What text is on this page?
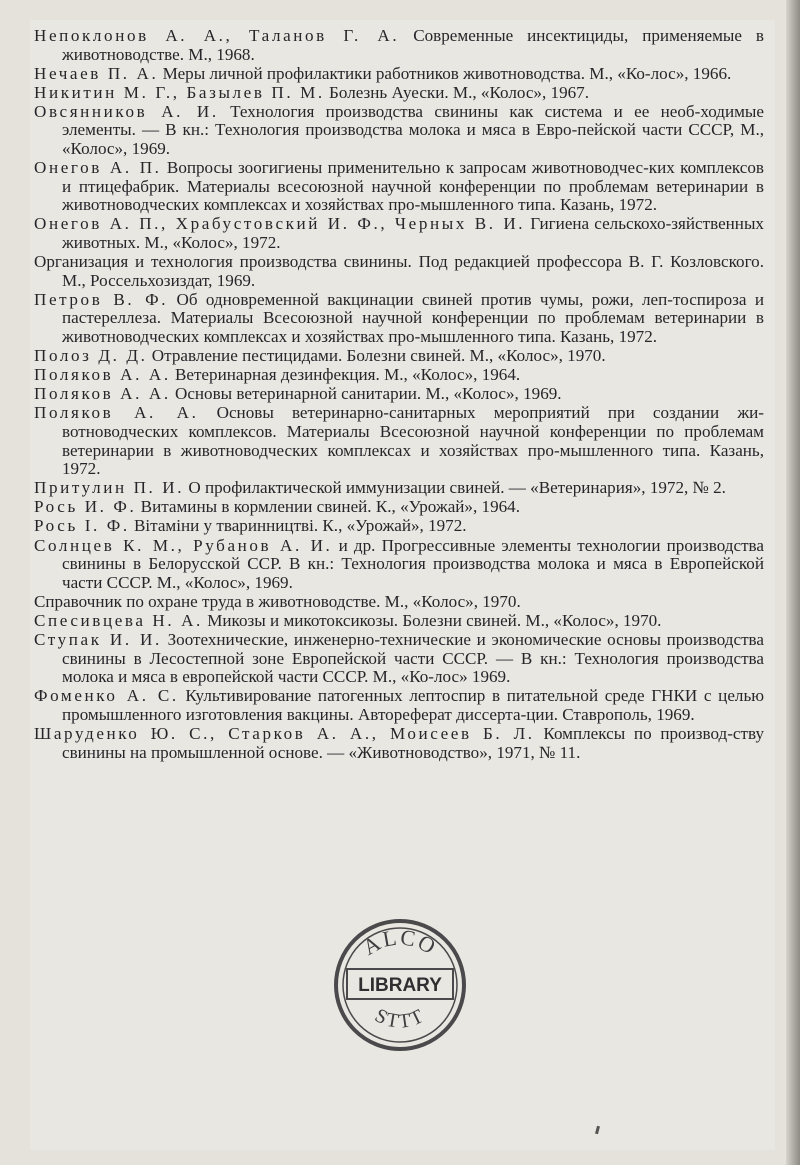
Непоклонов А. А., Таланов Г. А. Современные инсектициды, применяемые в животноводстве. М., 1968.

Нечаев П. А. Меры личной профилактики работников животноводства. М., «Ко-лос», 1966.

Никитин М. Г., Базылев П. М. Болезнь Ауески. М., «Колос», 1967.

Овсянников А. И. Технология производства свинины как система и ее необ-ходимые элементы. — В кн.: Технология производства молока и мяса в Евро-пейской части СССР, М., «Колос», 1969.

Онегов А. П. Вопросы зоогигиены применительно к запросам животноводчес-ких комплексов и птицефабрик. Материалы всесоюзной научной конференции по проблемам ветеринарии в животноводческих комплексах и хозяйствах про-мышленного типа. Казань, 1972.

Онегов А. П., Храбустовский И. Ф., Черных В. И. Гигиена сельскохо-зяйственных животных. М., «Колос», 1972.

Организация и технология производства свинины. Под редакцией профессора В. Г. Козловского. М., Россельхозиздат, 1969.

Петров В. Ф. Об одновременной вакцинации свиней против чумы, рожи, леп-тоспироза и пастереллеза. Материалы Всесоюзной научной конференции по проблемам ветеринарии в животноводческих комплексах и хозяйствах про-мышленного типа. Казань, 1972.

Полоз Д. Д. Отравление пестицидами. Болезни свиней. М., «Колос», 1970.

Поляков А. А. Ветеринарная дезинфекция. М., «Колос», 1964.

Поляков А. А. Основы ветеринарной санитарии. М., «Колос», 1969.

Поляков А. А. Основы ветеринарно-санитарных мероприятий при создании жи-вотноводческих комплексов. Материалы Всесоюзной научной конференции по проблемам ветеринарии в животноводческих комплексах и хозяйствах про-мышленного типа. Казань, 1972.

Притулин П. И. О профилактической иммунизации свиней. — «Ветеринария», 1972, № 2.

Рось И. Ф. Витамины в кормлении свиней. К., «Урожай», 1964.

Рось І. Ф. Вітаміни у тваринництві. К., «Урожай», 1972.

Солнцев К. М., Рубанов А. И. и др. Прогрессивные элементы технологии производства свинины в Белорусской ССР. В кн.: Технология производства молока и мяса в Европейской части СССР. М., «Колос», 1969.

Справочник по охране труда в животноводстве. М., «Колос», 1970.

Спесивцева Н. А. Микозы и микотоксикозы. Болезни свиней. М., «Колос», 1970.

Ступак И. И. Зоотехнические, инженерно-технические и экономические основы производства свинины в Лесостепной зоне Европейской части СССР. — В кн.: Технология производства молока и мяса в европейской части СССР. М., «Ко-лос» 1969.

Фоменко А. С. Культивирование патогенных лептоспир в питательной среде ГНКИ с целью промышленного изготовления вакцины. Автореферат диссерта-ции. Ставрополь, 1969.

Шаруденко Ю. С., Старков А. А., Моисеев Б. Л. Комплексы по производ-ству свинины на промышленной основе. — «Животноводство», 1971, № 11.

ALCO
LIBRARY
STTT
